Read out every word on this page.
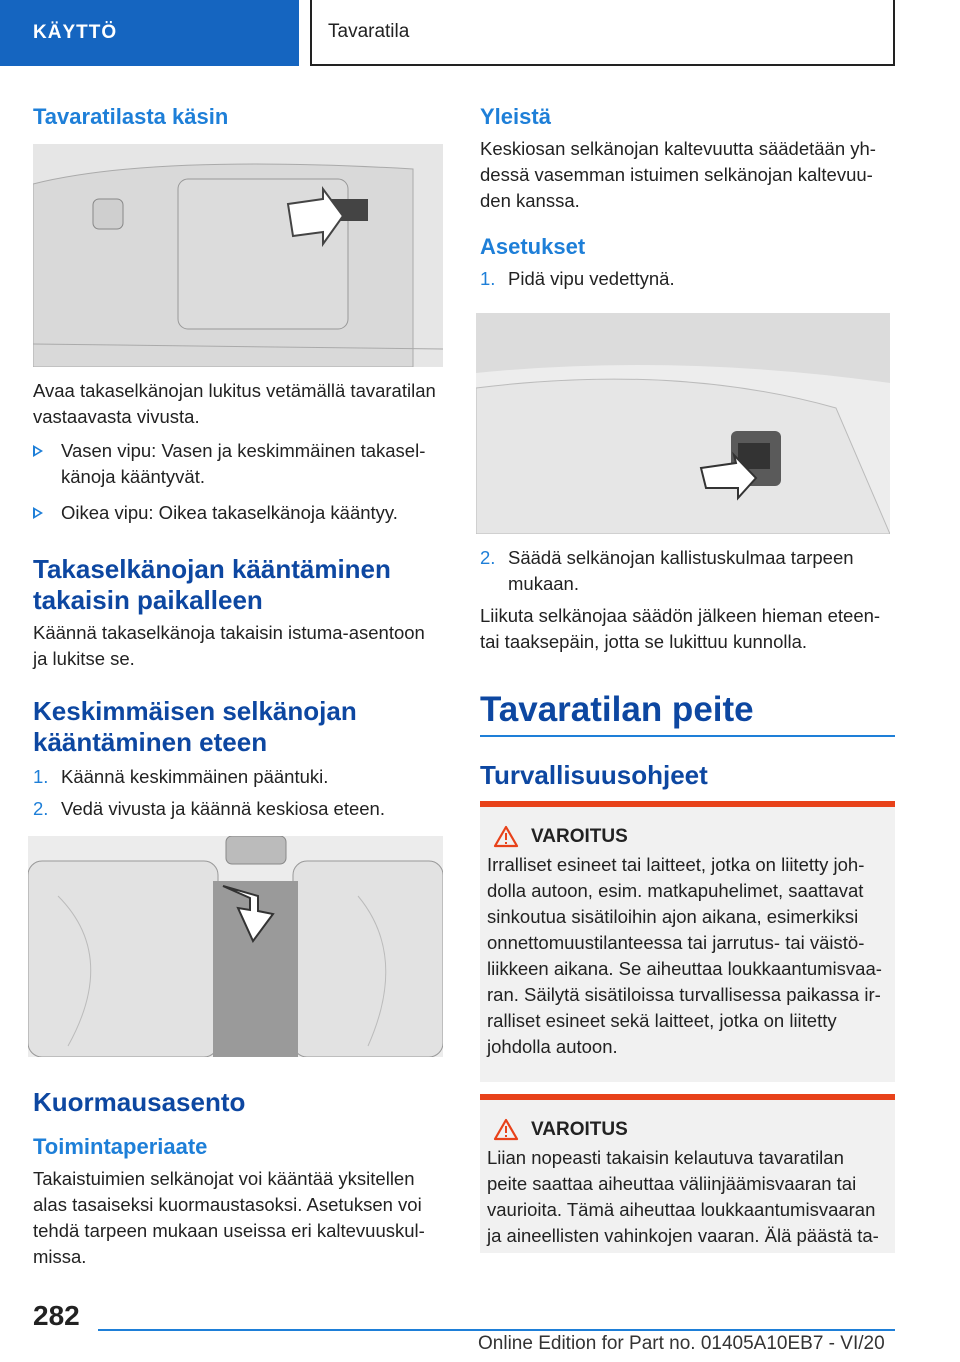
KÄYTTÖ	Tavaratila
Tavaratilasta käsin

Avaa takaselkänojan lukitus vetämällä tavaratilan vastaavasta vivusta.

Vasen vipu: Vasen ja keskimmäinen takasel-känoja kääntyvät.
Oikea vipu: Oikea takaselkänoja kääntyy.
Takaselkänojan kääntäminen takaisin paikalleen

Käännä takaselkänoja takaisin istuma-asentoon ja lukitse se.

Keskimmäisen selkänojan kääntäminen eteen
1. Käännä keskimmäinen pääntuki.
2. Vedä vivusta ja käännä keskiosa eteen.
Kuormausasento
Toimintaperiaate

Takaistuimien selkänojat voi kääntää yksitellen alas tasaiseksi kuormaustasoksi. Asetuksen voi tehdä tarpeen mukaan useissa eri kaltevuuskul-missa.

Yleistä

Keskiosan selkänojan kaltevuutta säädetään yh-dessä vasemman istuimen selkänojan kaltevuu-den kanssa.

Asetukset
1. Pidä vipu vedettynä.
2. Säädä selkänojan kallistuskulmaa tarpeen mukaan.

Liikuta selkänojaa säädön jälkeen hieman eteen- tai taaksepäin, jotta se lukittuu kunnolla.

Tavaratilan peite
Turvallisuusohjeet
VAROITUS

Irralliset esineet tai laitteet, jotka on liitetty joh-dolla autoon, esim. matkapuhelimet, saattavat sinkoutua sisätiloihin ajon aikana, esimerkiksi onnettomuustilanteessa tai jarrutus- tai väistö-liikkeen aikana. Se aiheuttaa loukkaantumisvaa-ran. Säilytä sisätiloissa turvallisessa paikassa ir-ralliset esineet sekä laitteet, jotka on liitetty johdolla autoon.

VAROITUS

Liian nopeasti takaisin kelautuva tavaratilan peite saattaa aiheuttaa väliinjäämisvaaran tai vaurioita. Tämä aiheuttaa loukkaantumisvaaran ja aineellisten vahinkojen vaaran. Älä päästä ta-

282
Online Edition for Part no. 01405A10EB7 - VI/20
